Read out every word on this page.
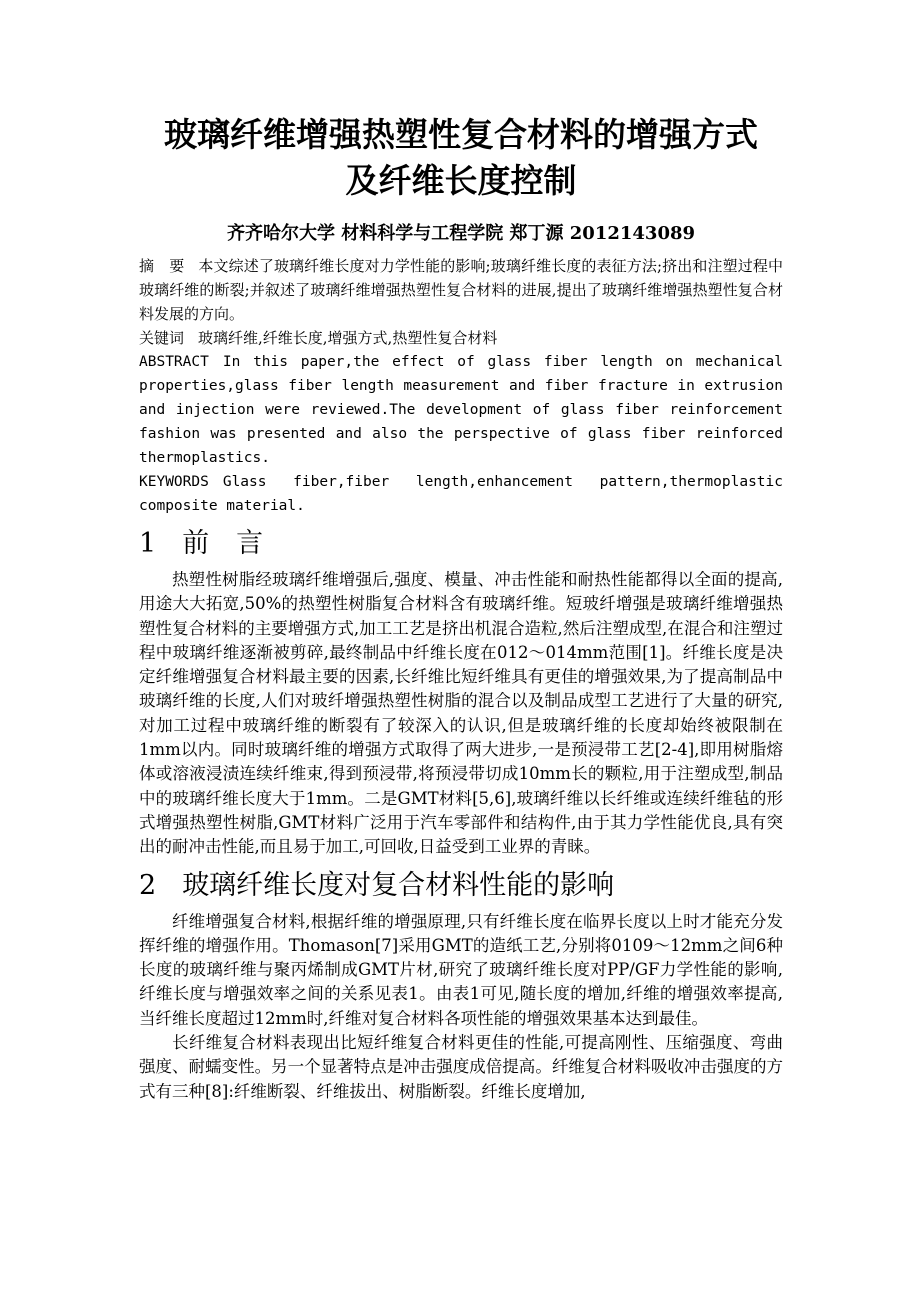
玻璃纤维增强热塑性复合材料的增强方式
及纤维长度控制
齐齐哈尔大学 材料科学与工程学院 郑丁源 2012143089

摘　要 本文综述了玻璃纤维长度对力学性能的影响;玻璃纤维长度的表征方法;挤出和注塑过程中玻璃纤维的断裂;并叙述了玻璃纤维增强热塑性复合材料的进展,提出了玻璃纤维增强热塑性复合材料发展的方向。

关键词 玻璃纤维,纤维长度,增强方式,热塑性复合材料

ABSTRACT In this paper,the effect of glass fiber length on mechanical properties,glass fiber length measurement and fiber fracture in extrusion and injection were reviewed.The development of glass fiber reinforcement fashion was presented and also the perspective of glass fiber reinforced thermoplastics.

KEYWORDS Glass fiber,fiber length,enhancement pattern,thermoplastic composite material.

1 前　言

热塑性树脂经玻璃纤维增强后,强度、模量、冲击性能和耐热性能都得以全面的提高,用途大大拓宽,50%的热塑性树脂复合材料含有玻璃纤维。短玻纤增强是玻璃纤维增强热塑性复合材料的主要增强方式,加工工艺是挤出机混合造粒,然后注塑成型,在混合和注塑过程中玻璃纤维逐渐被剪碎,最终制品中纤维长度在012～014mm范围[1]。纤维长度是决定纤维增强复合材料最主要的因素,长纤维比短纤维具有更佳的增强效果,为了提高制品中玻璃纤维的长度,人们对玻纤增强热塑性树脂的混合以及制品成型工艺进行了大量的研究,对加工过程中玻璃纤维的断裂有了较深入的认识,但是玻璃纤维的长度却始终被限制在1mm以内。同时玻璃纤维的增强方式取得了两大进步,一是预浸带工艺[2-4],即用树脂熔体或溶液浸渍连续纤维束,得到预浸带,将预浸带切成10mm长的颗粒,用于注塑成型,制品中的玻璃纤维长度大于1mm。二是GMT材料[5,6],玻璃纤维以长纤维或连续纤维毡的形式增强热塑性树脂,GMT材料广泛用于汽车零部件和结构件,由于其力学性能优良,具有突出的耐冲击性能,而且易于加工,可回收,日益受到工业界的青睐。

2 玻璃纤维长度对复合材料性能的影响

纤维增强复合材料,根据纤维的增强原理,只有纤维长度在临界长度以上时才能充分发挥纤维的增强作用。Thomason[7]采用GMT的造纸工艺,分别将0109～12mm之间6种长度的玻璃纤维与聚丙烯制成GMT片材,研究了玻璃纤维长度对PP/GF力学性能的影响,纤维长度与增强效率之间的关系见表1。由表1可见,随长度的增加,纤维的增强效率提高,当纤维长度超过12mm时,纤维对复合材料各项性能的增强效果基本达到最佳。

长纤维复合材料表现出比短纤维复合材料更佳的性能,可提高刚性、压缩强度、弯曲强度、耐蠕变性。另一个显著特点是冲击强度成倍提高。纤维复合材料吸收冲击强度的方式有三种[8]:纤维断裂、纤维拔出、树脂断裂。纤维长度增加,
